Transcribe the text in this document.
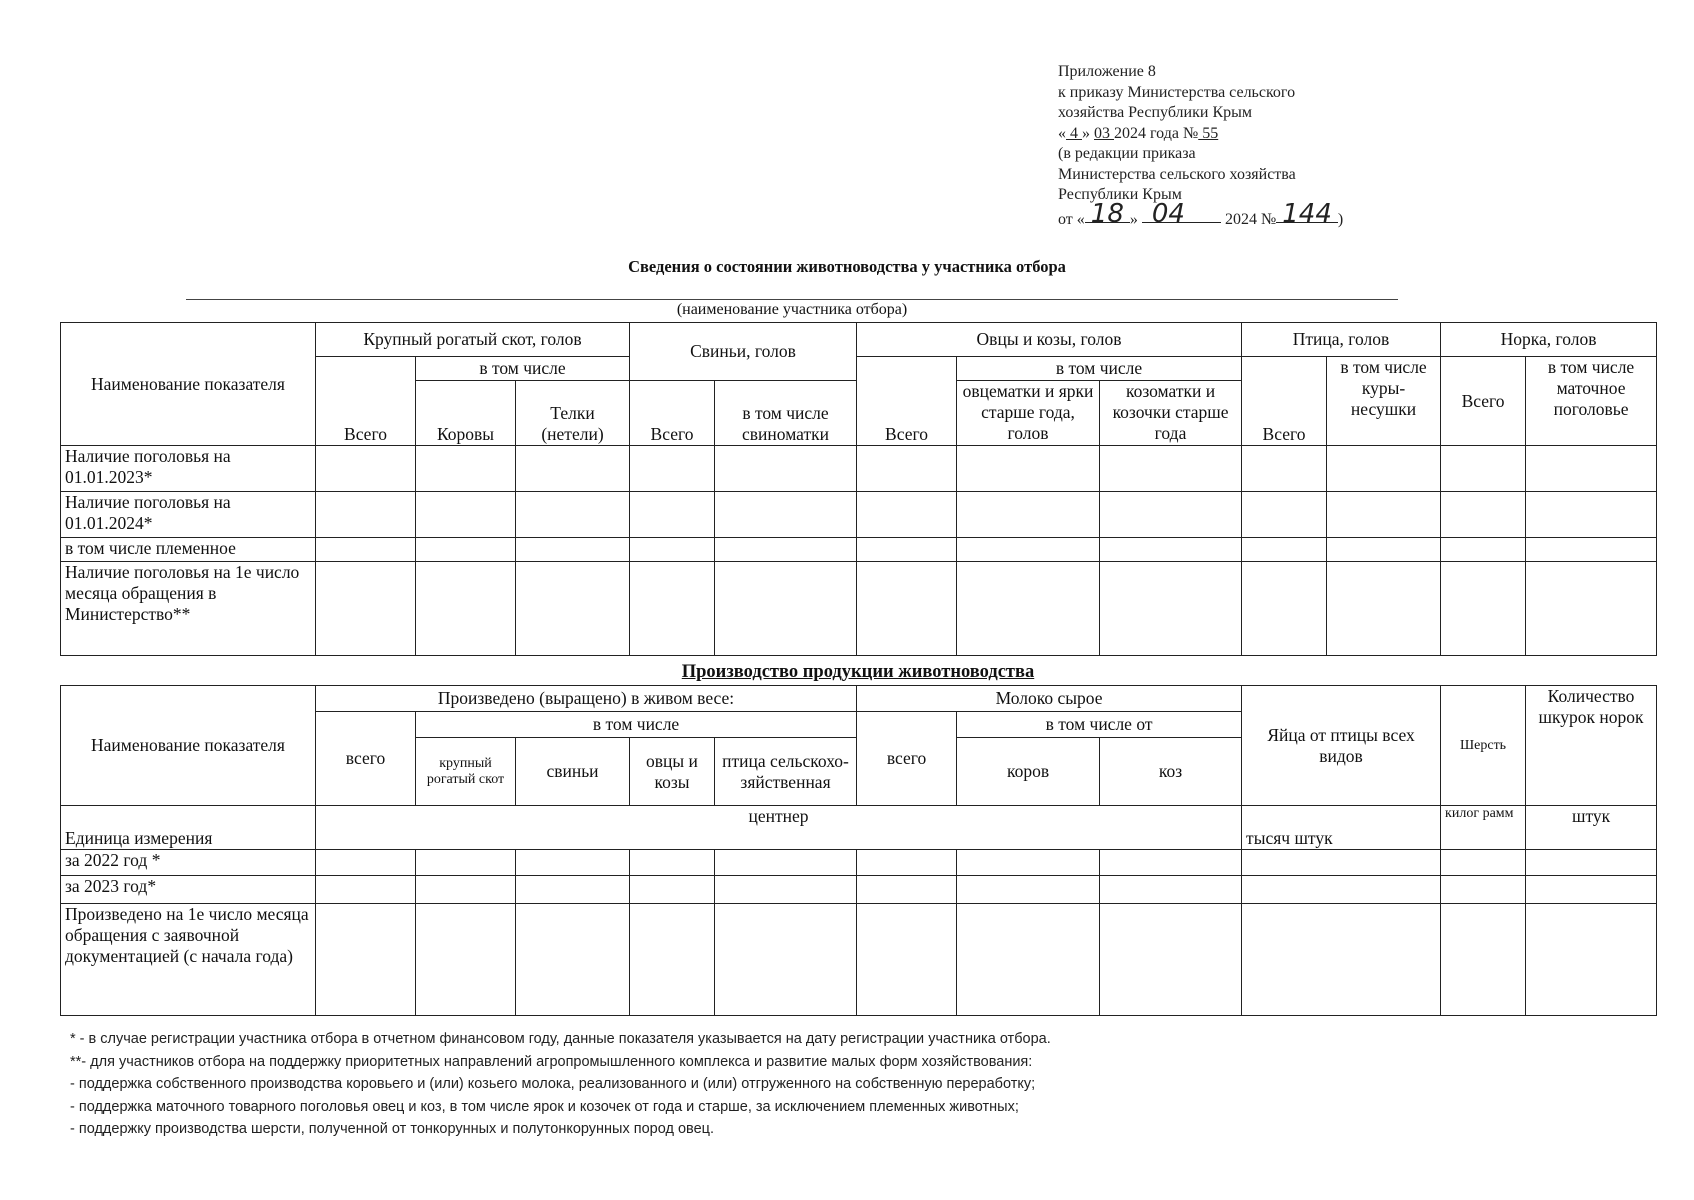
Приложение 8
к приказу Министерства сельского
хозяйства Республики Крым
« 4 » 03 2024 года № 55
(в редакции приказа
Министерства сельского хозяйства
Республики Крым
от « 18 » 04	2024 № 144 )
Сведения о состоянии животноводства у участника отбора
(наименование участника отбора)
Наименование показателя	Крупный рогатый скот, голов			Свиньи, голов		Овцы и козы, голов			Птица, голов		Норка, голов	
	Всего	в том числе				Всего	в том числе		Всего	в том числе куры-несушки	Всего	в том числе маточное поголовье
		Коровы	Телки (нетели)	Всего	в том числе свиноматки		овцематки и ярки старше года, голов	козоматки и козочки старше года				
Наличие поголовья на 01.01.2023*												
Наличие поголовья на 01.01.2024*												
в том числе племенное												
Наличие поголовья на 1е число месяца обращения в Министерство**												
Производство продукции животноводства
Наименование показателя	Произведено (выращено) в живом весе:					Молоко сырое			Яйца от птицы всех видов	Шерсть	Количество шкурок норок
	всего	в том числе				всего	в том числе от				
		крупный рогатый скот	свиньи	овцы и козы	птица сельскохо-зяйственная		коров	коз			
Единица измерения	центнер								тысяч штук	килог рамм	штук
за 2022 год *											
за 2023 год*											
Произведено на 1е число месяца обращения с заявочной документацией (с начала года)											
* - в случае регистрации участника отбора в отчетном финансовом году, данные показателя указывается на дату регистрации участника отбора.
**- для участников отбора на поддержку приоритетных направлений агропромышленного комплекса и развитие малых форм хозяйствования:
- поддержка собственного производства коровьего и (или) козьего молока, реализованного и (или) отгруженного на собственную переработку;
- поддержка маточного товарного поголовья овец и коз, в том числе ярок и козочек от года и старше, за исключением племенных животных;
- поддержку производства шерсти, полученной от тонкорунных и полутонкорунных пород овец.
